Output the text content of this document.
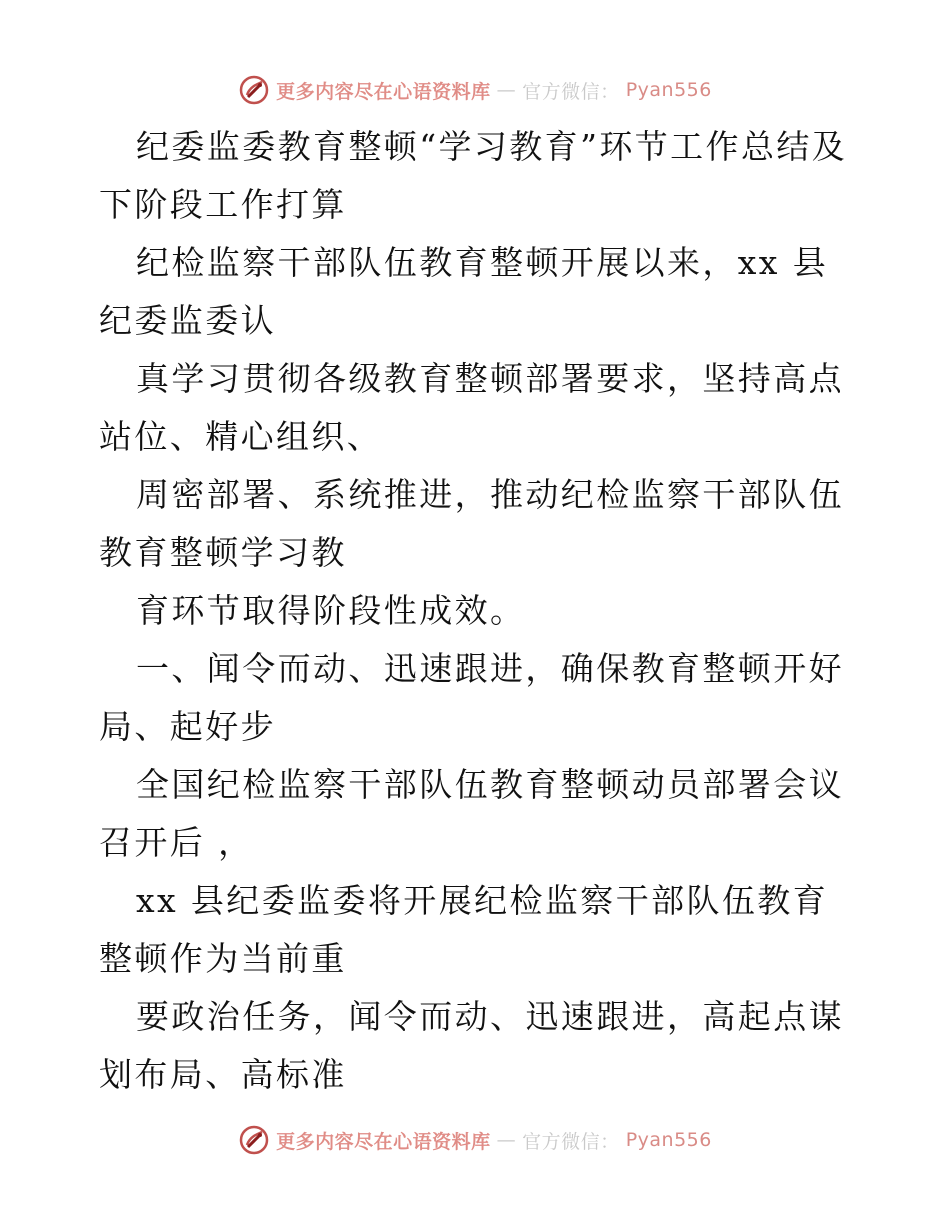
更多内容尽在心语资料库 — 官方微信： Pyan556

纪委监委教育整顿“学习教育”环节工作总结及下阶段工作打算

纪检监察干部队伍教育整顿开展以来，xx 县纪委监委认

真学习贯彻各级教育整顿部署要求，坚持高点站位、精心组织、

周密部署、系统推进，推动纪检监察干部队伍教育整顿学习教

育环节取得阶段性成效。

一、闻令而动、迅速跟进，确保教育整顿开好局、起好步

全国纪检监察干部队伍教育整顿动员部署会议召开后 ，

xx 县纪委监委将开展纪检监察干部队伍教育整顿作为当前重

要政治任务，闻令而动、迅速跟进，高起点谋划布局、高标准

更多内容尽在心语资料库 — 官方微信： Pyan556
